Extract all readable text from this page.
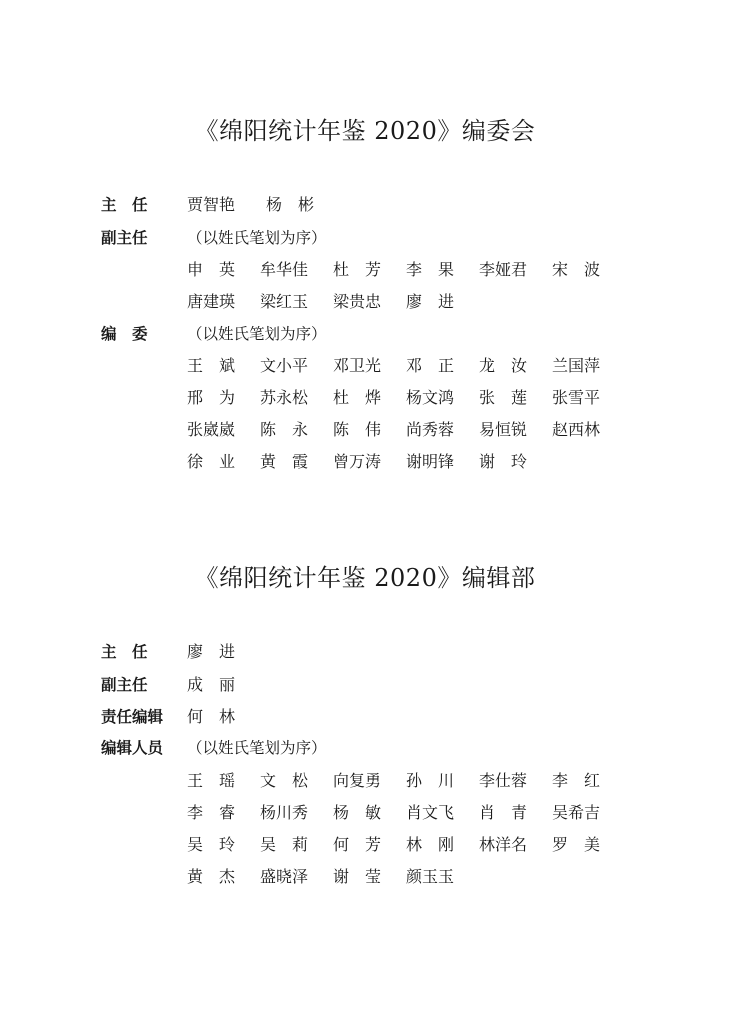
《绵阳统计年鉴 2020》编委会
主　任 贾智艳 杨　彬
副主任	（以姓氏笔划为序）
申　英 牟华佳 杜　芳 李　果 李娅君 宋　波
唐建瑛 梁红玉 梁贵忠 廖　进
编　委	（以姓氏笔划为序）
王　斌 文小平 邓卫光 邓　正 龙　汝 兰国萍
邢　为 苏永松 杜　烨 杨文鸿 张　莲 张雪平
张崴崴 陈　永 陈　伟 尚秀蓉 易恒锐 赵西林
徐　业 黄　霞 曾万涛 谢明锋 谢　玲
《绵阳统计年鉴 2020》编辑部
主　任 廖　进
副主任 成　丽
责任编辑 何　林
编辑人员 （以姓氏笔划为序）
王　瑶 文　松 向复勇 孙　川 李仕蓉 李　红
李　睿 杨川秀 杨　敏 肖文飞 肖　青 吴希吉
吴　玲 吴　莉 何　芳 林　刚 林洋名 罗　美
黄　杰 盛晓泽 谢　莹 颜玉玉
